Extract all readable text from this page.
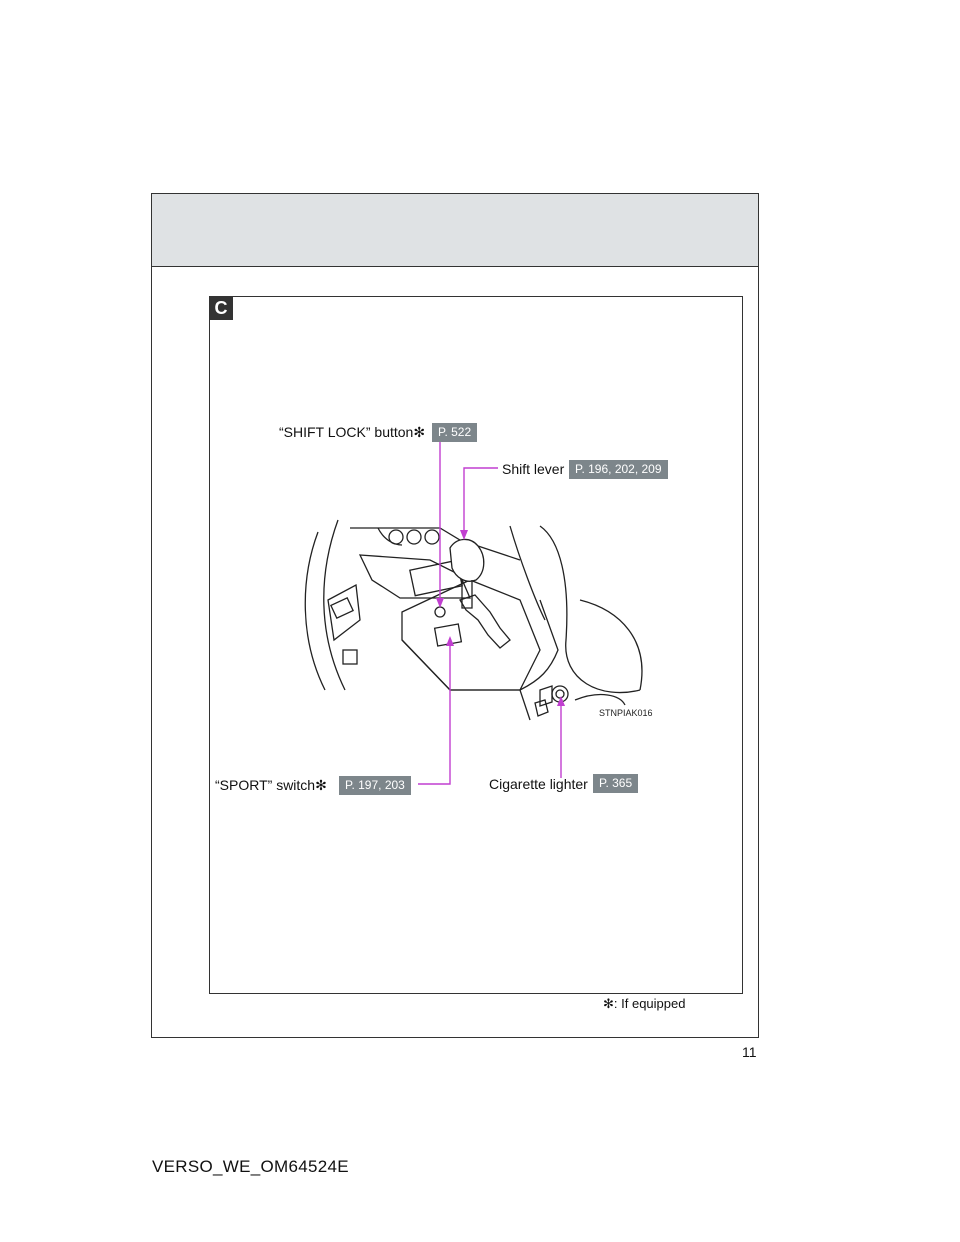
C
STNPIAK016
“SHIFT LOCK” button✻	P. 522
Shift lever P. 196, 202, 209
“SPORT” switch✻	P. 197, 203	Cigarette lighter P. 365
✻: If equipped
11
VERSO_WE_OM64524E
